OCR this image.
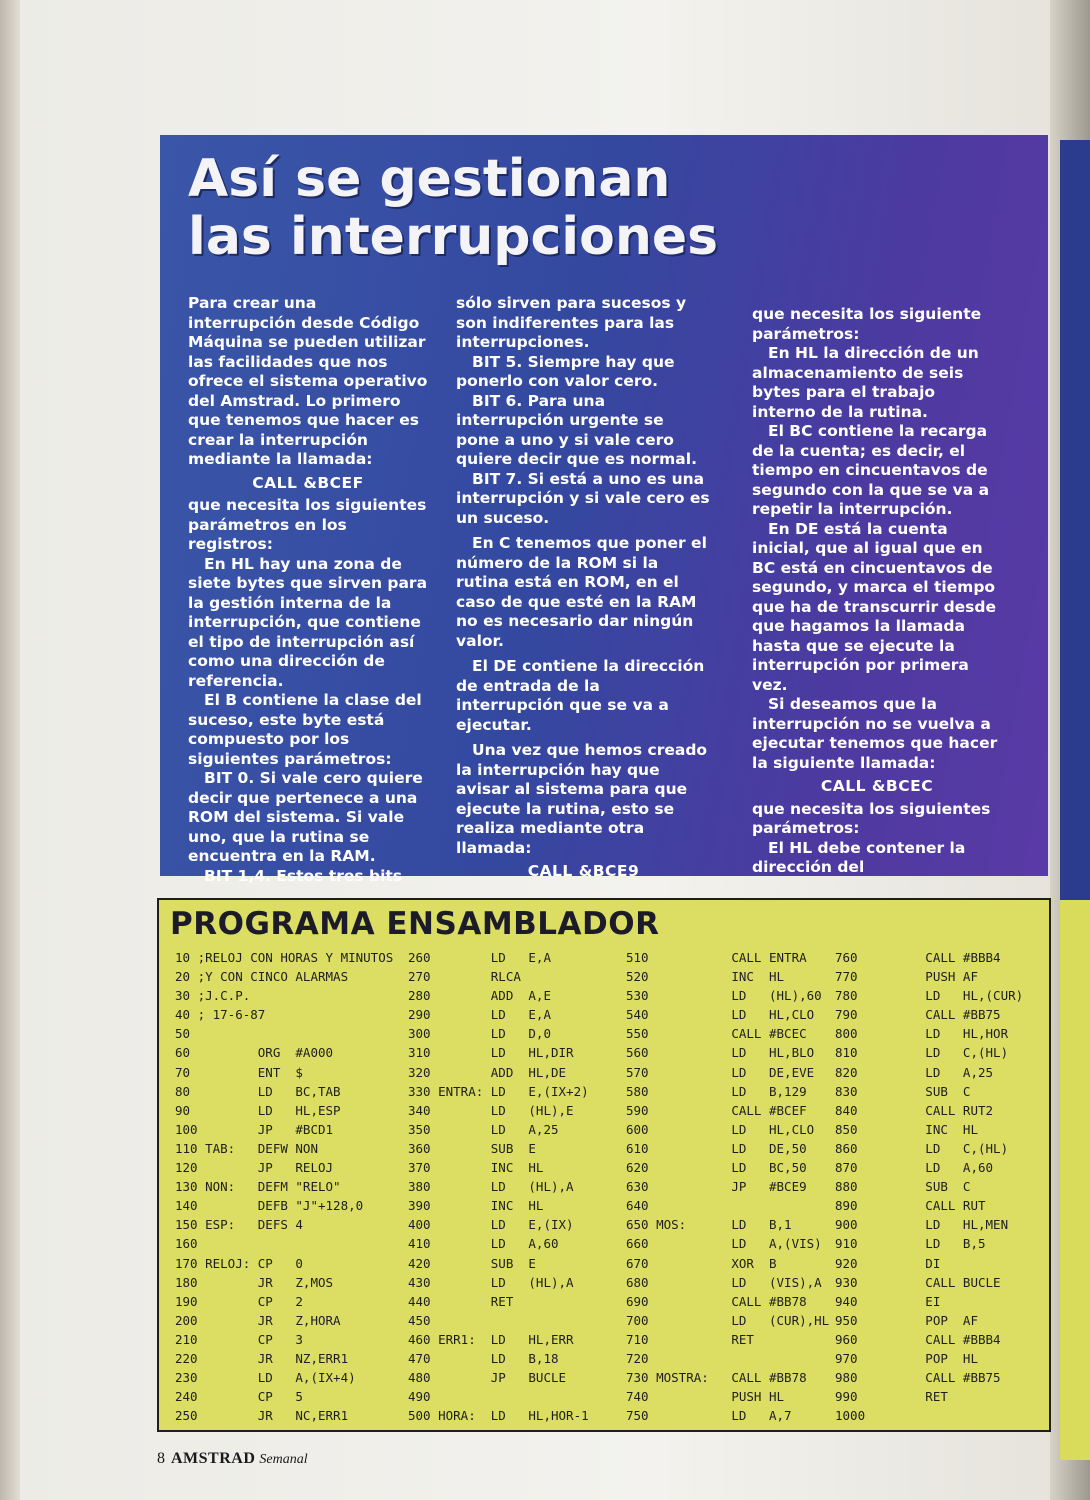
Así se gestionan
las interrupciones

Para crear una interrupción desde Código Máquina se pueden utilizar las facilidades que nos ofrece el sistema operativo del Amstrad. Lo primero que tenemos que hacer es crear la interrupción mediante la llamada:

CALL &BCEF

que necesita los siguientes parámetros en los registros:

En HL hay una zona de siete bytes que sirven para la gestión interna de la interrupción, que contiene el tipo de interrupción así como una dirección de referencia.

El B contiene la clase del suceso, este byte está compuesto por los siguientes parámetros:

BIT 0. Si vale cero quiere decir que pertenece a una ROM del sistema. Si vale uno, que la rutina se encuentra en la RAM.

BIT 1,4. Estos tres bits

sólo sirven para sucesos y son indiferentes para las interrupciones.

BIT 5. Siempre hay que ponerlo con valor cero.

BIT 6. Para una interrupción urgente se pone a uno y si vale cero quiere decir que es normal.

BIT 7. Si está a uno es una interrupción y si vale cero es un suceso.

En C tenemos que poner el número de la ROM si la rutina está en ROM, en el caso de que esté en la RAM no es necesario dar ningún valor.

El DE contiene la dirección de entrada de la interrupción que se va a ejecutar.

Una vez que hemos creado la interrupción hay que avisar al sistema para que ejecute la rutina, esto se realiza mediante otra llamada:

CALL &BCE9

que necesita los siguiente parámetros:

En HL la dirección de un almacenamiento de seis bytes para el trabajo interno de la rutina.

El BC contiene la recarga de la cuenta; es decir, el tiempo en cincuentavos de segundo con la que se va a repetir la interrupción.

En DE está la cuenta inicial, que al igual que en BC está en cincuentavos de segundo, y marca el tiempo que ha de transcurrir desde que hagamos la llamada hasta que se ejecute la interrupción por primera vez.

Si deseamos que la interrupción no se vuelva a ejecutar tenemos que hacer la siguiente llamada:

CALL &BCEC

que necesita los siguientes parámetros:

El HL debe contener la dirección del

PROGRAMA ENSAMBLADOR
10 ;RELOJ CON HORAS Y MINUTOS
20 ;Y CON CINCO ALARMAS
30 ;J.C.P.
40 ; 17-6-87
50
60         ORG  #A000
70         ENT  $
80         LD   BC,TAB
90         LD   HL,ESP
100        JP   #BCD1
110 TAB:   DEFW NON
120        JP   RELOJ
130 NON:   DEFM "RELO"
140        DEFB "J"+128,0
150 ESP:   DEFS 4
160
170 RELOJ: CP   0
180        JR   Z,MOS
190        CP   2
200        JR   Z,HORA
210        CP   3
220        JR   NZ,ERR1
230        LD   A,(IX+4)
240        CP   5
250        JR   NC,ERR1
260        LD   E,A
270        RLCA
280        ADD  A,E
290        LD   E,A
300        LD   D,0
310        LD   HL,DIR
320        ADD  HL,DE
330 ENTRA: LD   E,(IX+2)
340        LD   (HL),E
350        LD   A,25
360        SUB  E
370        INC  HL
380        LD   (HL),A
390        INC  HL
400        LD   E,(IX)
410        LD   A,60
420        SUB  E
430        LD   (HL),A
440        RET
450
460 ERR1:  LD   HL,ERR
470        LD   B,18
480        JP   BUCLE
490
500 HORA:  LD   HL,HOR-1
510           CALL ENTRA
520           INC  HL
530           LD   (HL),60
540           LD   HL,CLO
550           CALL #BCEC
560           LD   HL,BLO
570           LD   DE,EVE
580           LD   B,129
590           CALL #BCEF
600           LD   HL,CLO
610           LD   DE,50
620           LD   BC,50
630           JP   #BCE9
640
650 MOS:      LD   B,1
660           LD   A,(VIS)
670           XOR  B
680           LD   (VIS),A
690           CALL #BB78
700           LD   (CUR),HL
710           RET
720
730 MOSTRA:   CALL #BB78
740           PUSH HL
750           LD   A,7
760         CALL #BBB4
770         PUSH AF
780         LD   HL,(CUR)
790         CALL #BB75
800         LD   HL,HOR
810         LD   C,(HL)
820         LD   A,25
830         SUB  C
840         CALL RUT2
850         INC  HL
860         LD   C,(HL)
870         LD   A,60
880         SUB  C
890         CALL RUT
900         LD   HL,MEN
910         LD   B,5
920         DI
930         CALL BUCLE
940         EI
950         POP  AF
960         CALL #BBB4
970         POP  HL
980         CALL #BB75
990         RET
1000
8 AMSTRAD Semanal
